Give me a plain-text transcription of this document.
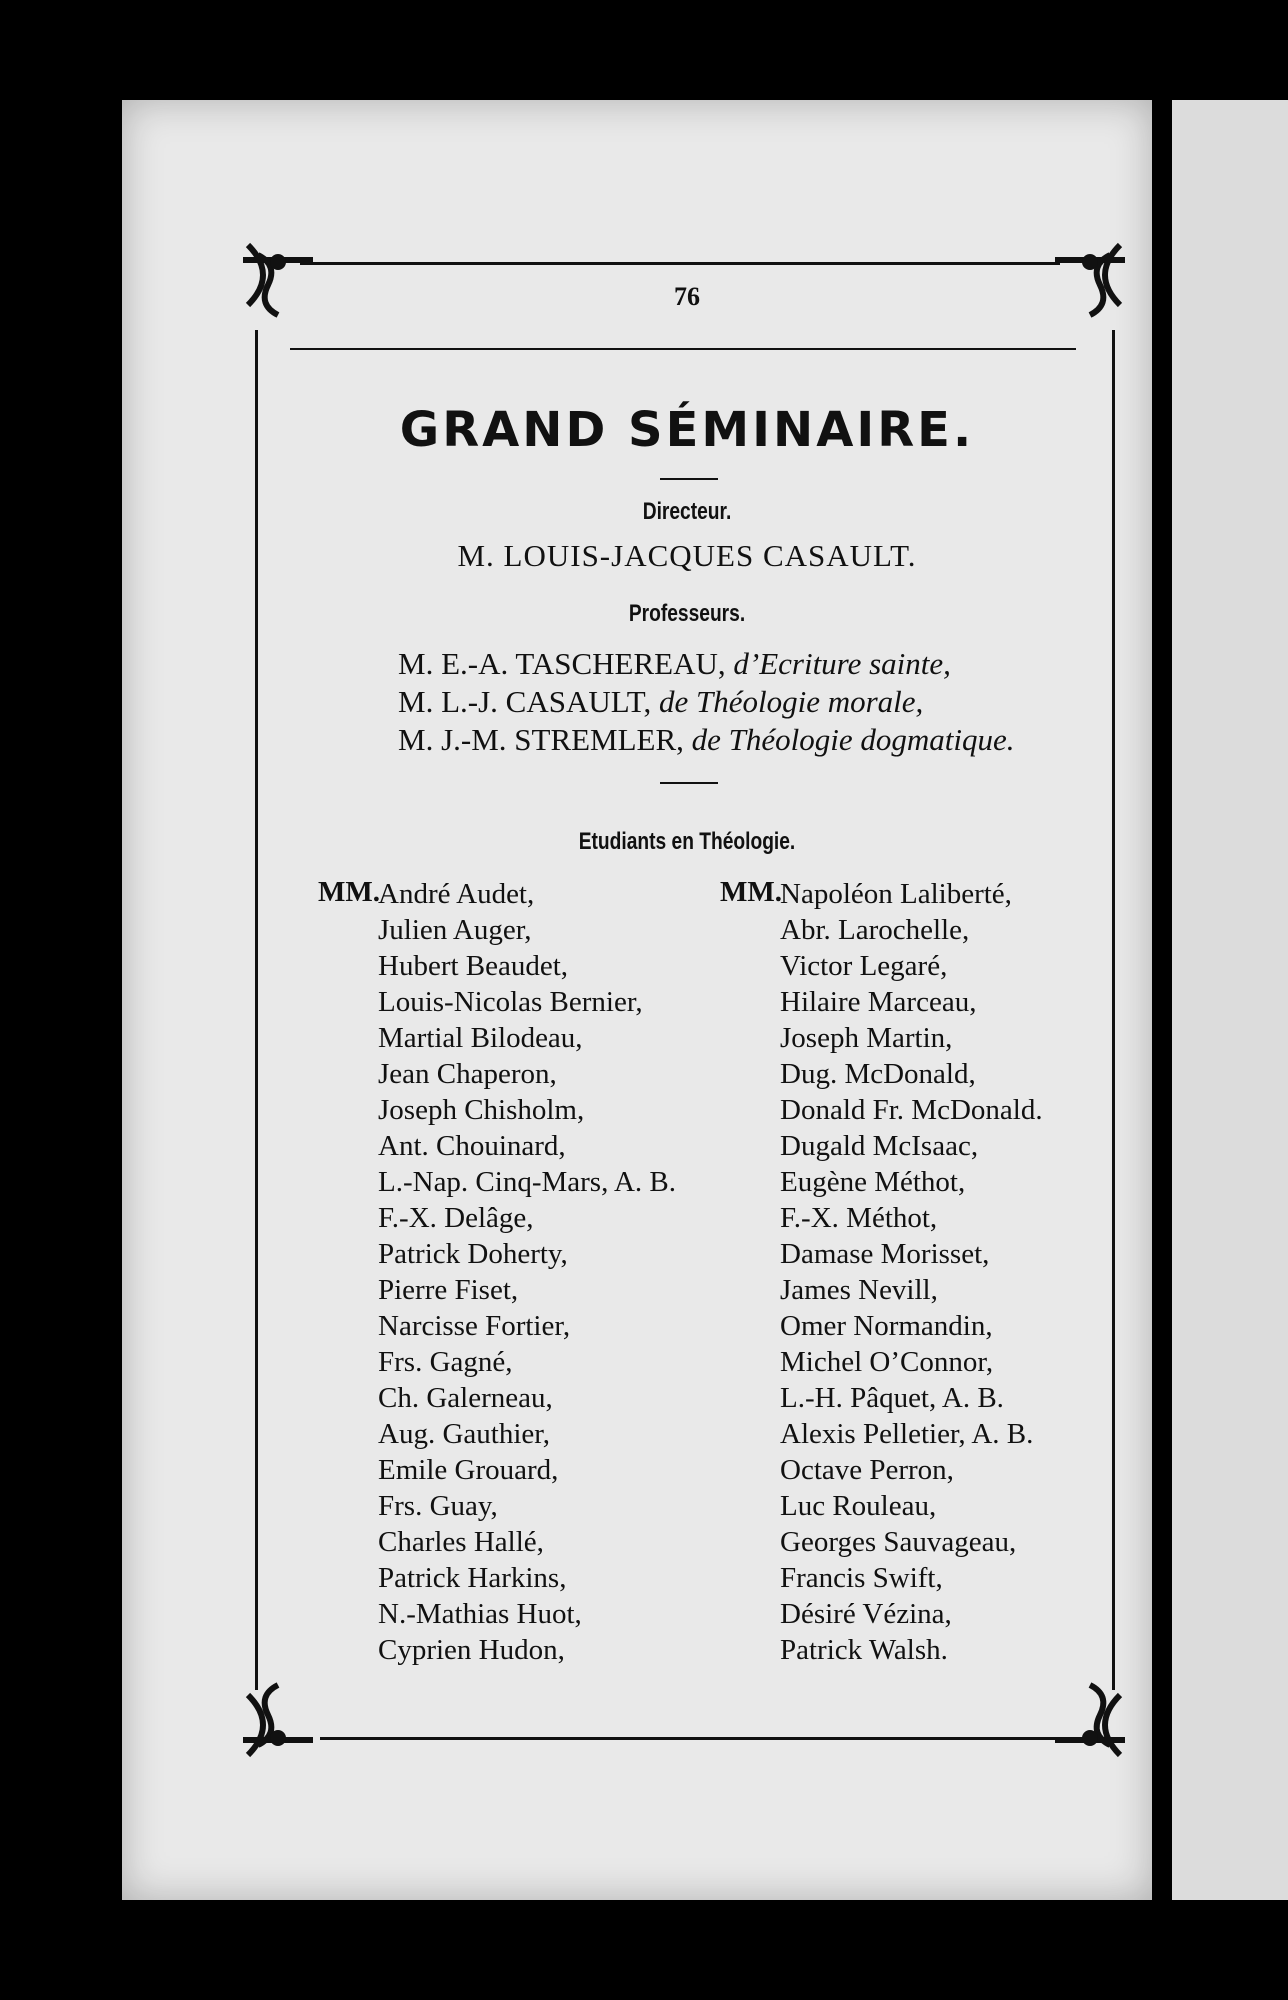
76
GRAND SÉMINAIRE.
Directeur.
M. LOUIS-JACQUES CASAULT.
Professeurs.
M. E.-A. TASCHEREAU, d’Ecriture sainte,
M. L.-J. CASAULT, de Théologie morale,
M. J.-M. STREMLER, de Théologie dogmatique.
Etudiants en Théologie.
MM.	MM.
André Audet,
Julien Auger,
Hubert Beaudet,
Louis-Nicolas Bernier,
Martial Bilodeau,
Jean Chaperon,
Joseph Chisholm,
Ant. Chouinard,
L.-Nap. Cinq-Mars, A. B.
F.-X. Delâge,
Patrick Doherty,
Pierre Fiset,
Narcisse Fortier,
Frs. Gagné,
Ch. Galerneau,
Aug. Gauthier,
Emile Grouard,
Frs. Guay,
Charles Hallé,
Patrick Harkins,
N.-Mathias Huot,
Cyprien Hudon,
Napoléon Laliberté,
Abr. Larochelle,
Victor Legaré,
Hilaire Marceau,
Joseph Martin,
Dug. McDonald,
Donald Fr. McDonald.
Dugald McIsaac,
Eugène Méthot,
F.-X. Méthot,
Damase Morisset,
James Nevill,
Omer Normandin,
Michel O’Connor,
L.-H. Pâquet, A. B.
Alexis Pelletier, A. B.
Octave Perron,
Luc Rouleau,
Georges Sauvageau,
Francis Swift,
Désiré Vézina,
Patrick Walsh.
